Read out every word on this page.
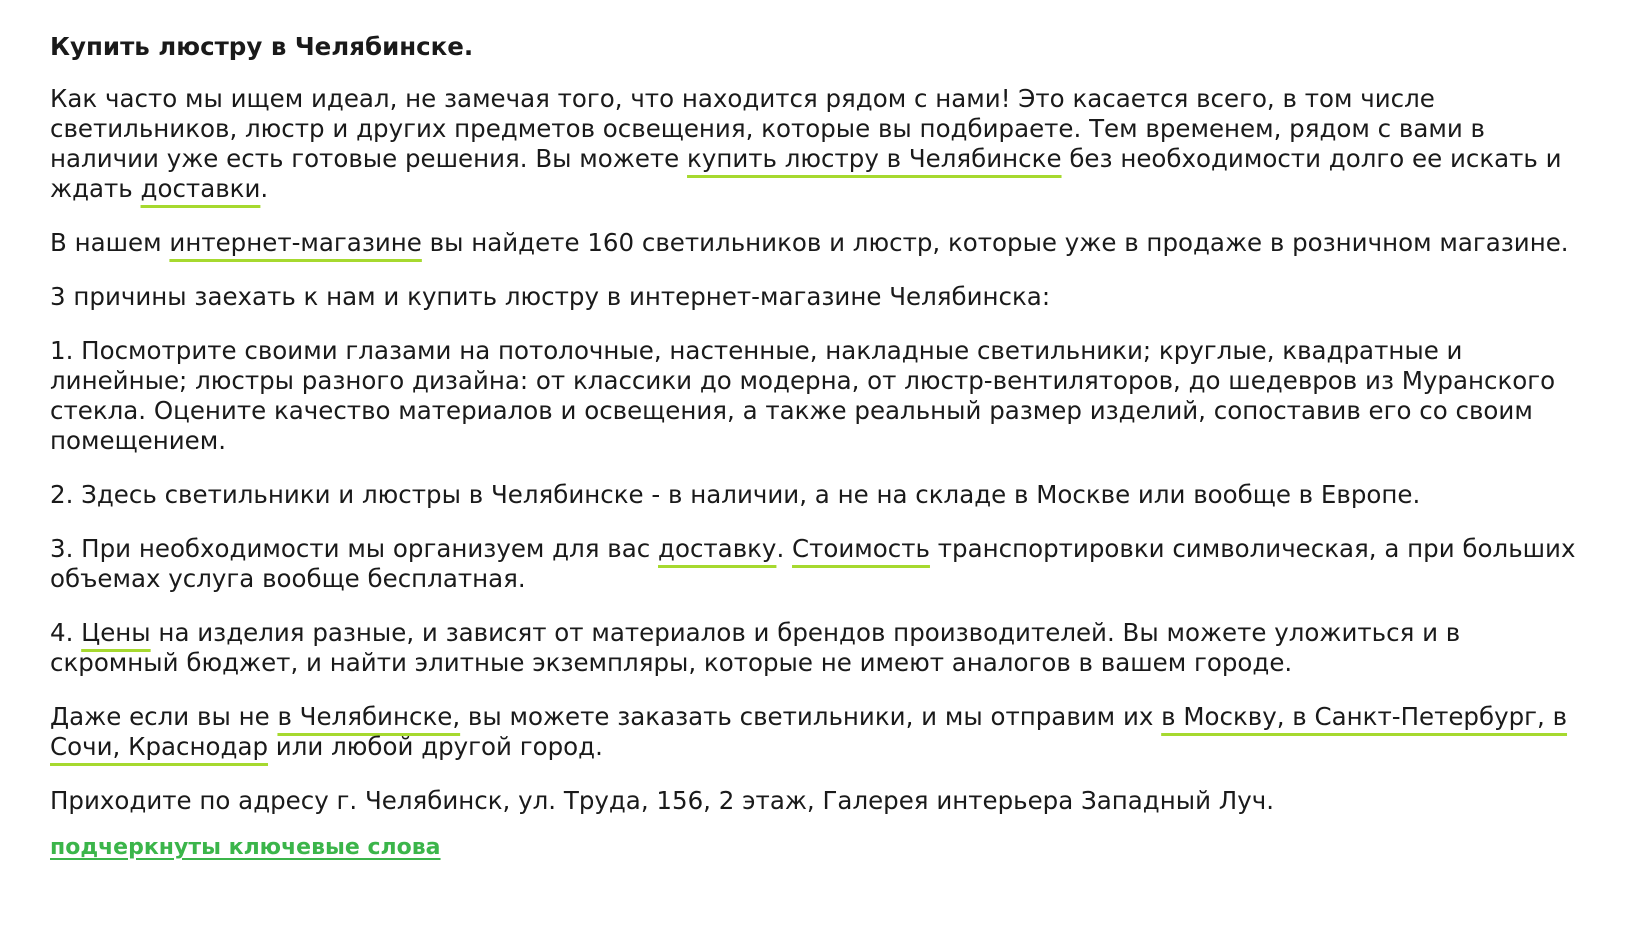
Купить люстру в Челябинске.
Как часто мы ищем идеал, не замечая того, что находится рядом с нами! Это касается всего, в том числе светильников, люстр и других предметов освещения, которые вы подбираете. Тем временем, рядом с вами в наличии уже есть готовые решения. Вы можете купить люстру в Челябинске без необходимости долго ее искать и ждать доставки.
В нашем интернет-магазине вы найдете 160 светильников и люстр, которые уже в продаже в розничном магазине.
3 причины заехать к нам и купить люстру в интернет-магазине Челябинска:
1. Посмотрите своими глазами на потолочные, настенные, накладные светильники; круглые, квадратные и линейные; люстры разного дизайна: от классики до модерна, от люстр-вентиляторов, до шедевров из Муранского стекла. Оцените качество материалов и освещения, а также реальный размер изделий, сопоставив его со своим помещением.
2. Здесь светильники и люстры в Челябинске - в наличии, а не на складе в Москве или вообще в Европе.
3. При необходимости мы организуем для вас доставку. Стоимость транспортировки символическая, а при больших объемах услуга вообще бесплатная.
4. Цены на изделия разные, и зависят от материалов и брендов производителей. Вы можете уложиться и в скромный бюджет, и найти элитные экземпляры, которые не имеют аналогов в вашем городе.
Даже если вы не в Челябинске, вы можете заказать светильники, и мы отправим их в Москву, в Санкт-Петербург, в Сочи, Краснодар или любой другой город.
Приходите по адресу г. Челябинск, ул. Труда, 156, 2 этаж, Галерея интерьера Западный Луч.
подчеркнуты ключевые слова
